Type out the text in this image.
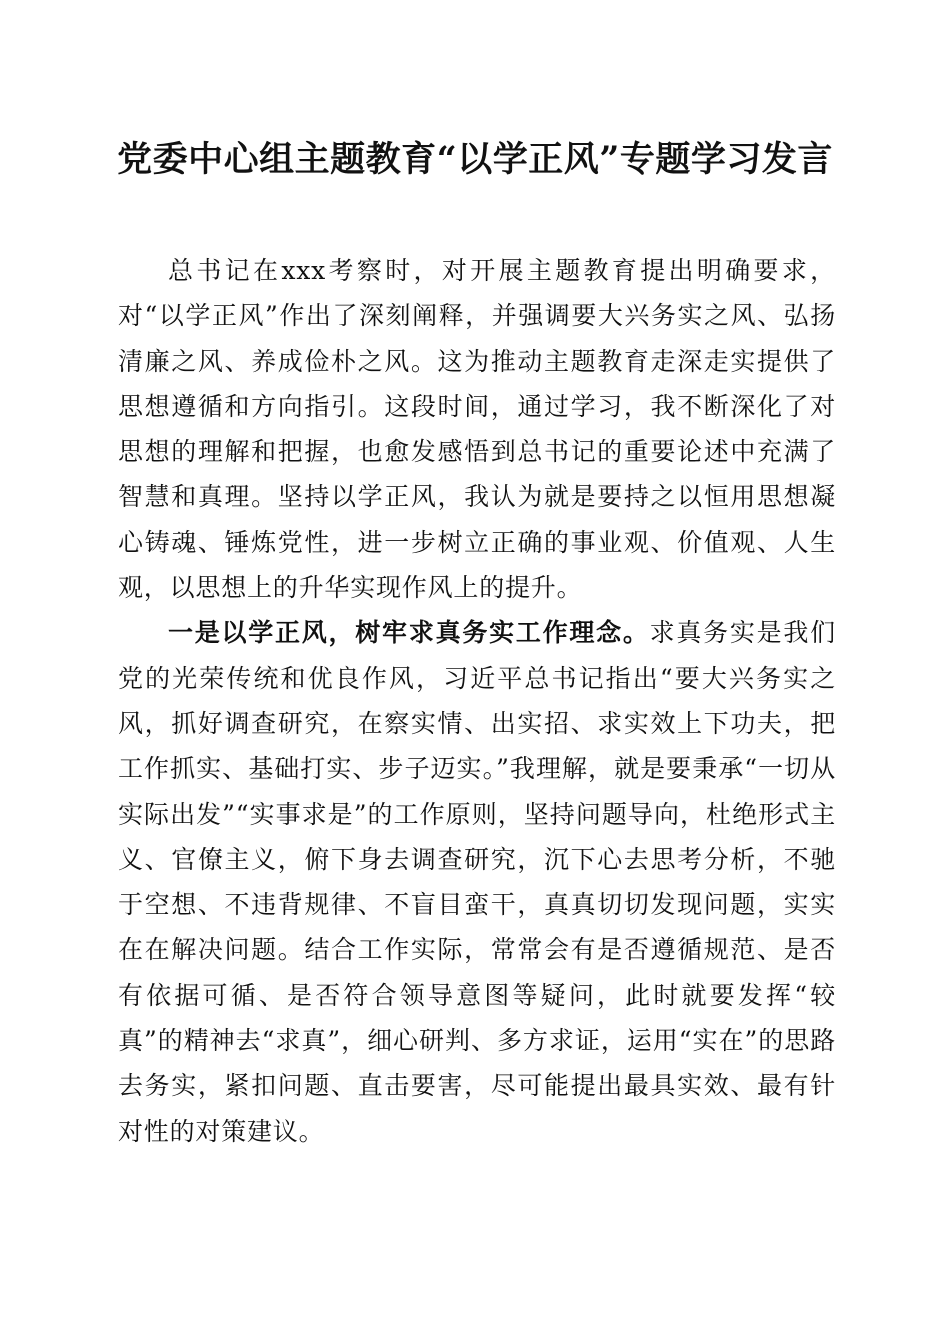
党委中心组主题教育“以学正风”专题学习发言

总书记在xxx考察时，对开展主题教育提出明确要求，对“以学正风”作出了深刻阐释，并强调要大兴务实之风、弘扬清廉之风、养成俭朴之风。这为推动主题教育走深走实提供了思想遵循和方向指引。这段时间，通过学习，我不断深化了对思想的理解和把握，也愈发感悟到总书记的重要论述中充满了智慧和真理。坚持以学正风，我认为就是要持之以恒用思想凝心铸魂、锤炼党性，进一步树立正确的事业观、价值观、人生观，以思想上的升华实现作风上的提升。

一是以学正风，树牢求真务实工作理念。求真务实是我们党的光荣传统和优良作风，习近平总书记指出“要大兴务实之风，抓好调查研究，在察实情、出实招、求实效上下功夫，把工作抓实、基础打实、步子迈实。”我理解，就是要秉承“一切从实际出发”“实事求是”的工作原则，坚持问题导向，杜绝形式主义、官僚主义，俯下身去调查研究，沉下心去思考分析，不驰于空想、不违背规律、不盲目蛮干，真真切切发现问题，实实在在解决问题。结合工作实际，常常会有是否遵循规范、是否有依据可循、是否符合领导意图等疑问，此时就要发挥“较真”的精神去“求真”，细心研判、多方求证，运用“实在”的思路去务实，紧扣问题、直击要害，尽可能提出最具实效、最有针对性的对策建议。
